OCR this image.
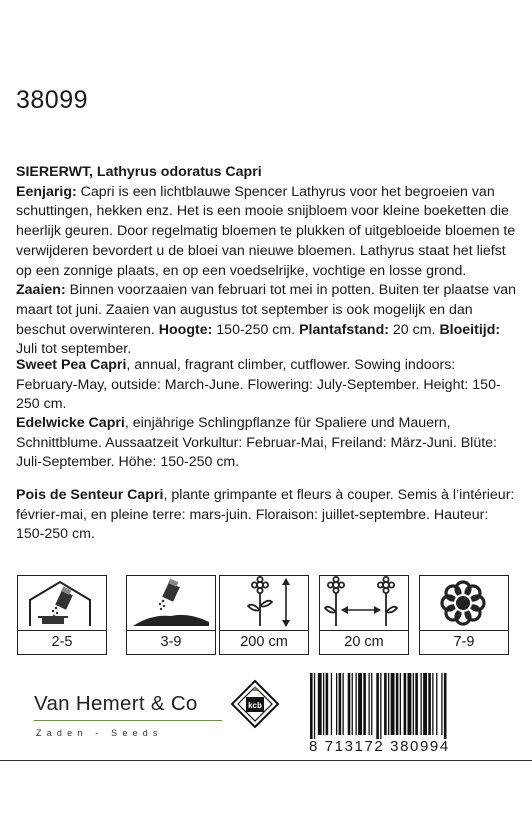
38099

SIERERWT, Lathyrus odoratus Capri
Eenjarig: Capri is een lichtblauwe Spencer Lathyrus voor het begroeien van schuttingen, hekken enz. Het is een mooie snijbloem voor kleine boeketten die heerlijk geuren. Door regelmatig bloemen te plukken of uitgebloeide bloemen te verwijderen bevordert u de bloei van nieuwe bloemen. Lathyrus staat het liefst op een zonnige plaats, en op een voedselrijke, vochtige en losse grond. Zaaien: Binnen voorzaaien van februari tot mei in potten. Buiten ter plaatse van maart tot juni. Zaaien van augustus tot september is ook mogelijk en dan beschut overwinteren. Hoogte: 150-250 cm. Plantafstand: 20 cm. Bloeitijd: Juli tot september.

Sweet Pea Capri, annual, fragrant climber, cutflower. Sowing indoors: February-May, outside: March-June. Flowering: July-September. Height: 150-250 cm.

Edelwicke Capri, einjährige Schlingpflanze für Spaliere und Mauern, Schnittblume. Aussaatzeit Vorkultur: Februar-Mai, Freiland: März-Juni. Blüte: Juli-September. Höhe: 150-250 cm.

Pois de Senteur Capri, plante grimpante et fleurs à couper. Semis à l’intérieur: février-mai, en pleine terre: mars-juin. Floraison: juillet-septembre. Hauteur: 150-250 cm.

2-5	3-9	200 cm	20 cm	7-9
Van Hemert & Co
Zaden - Seeds
kcb
8 713172 380994
